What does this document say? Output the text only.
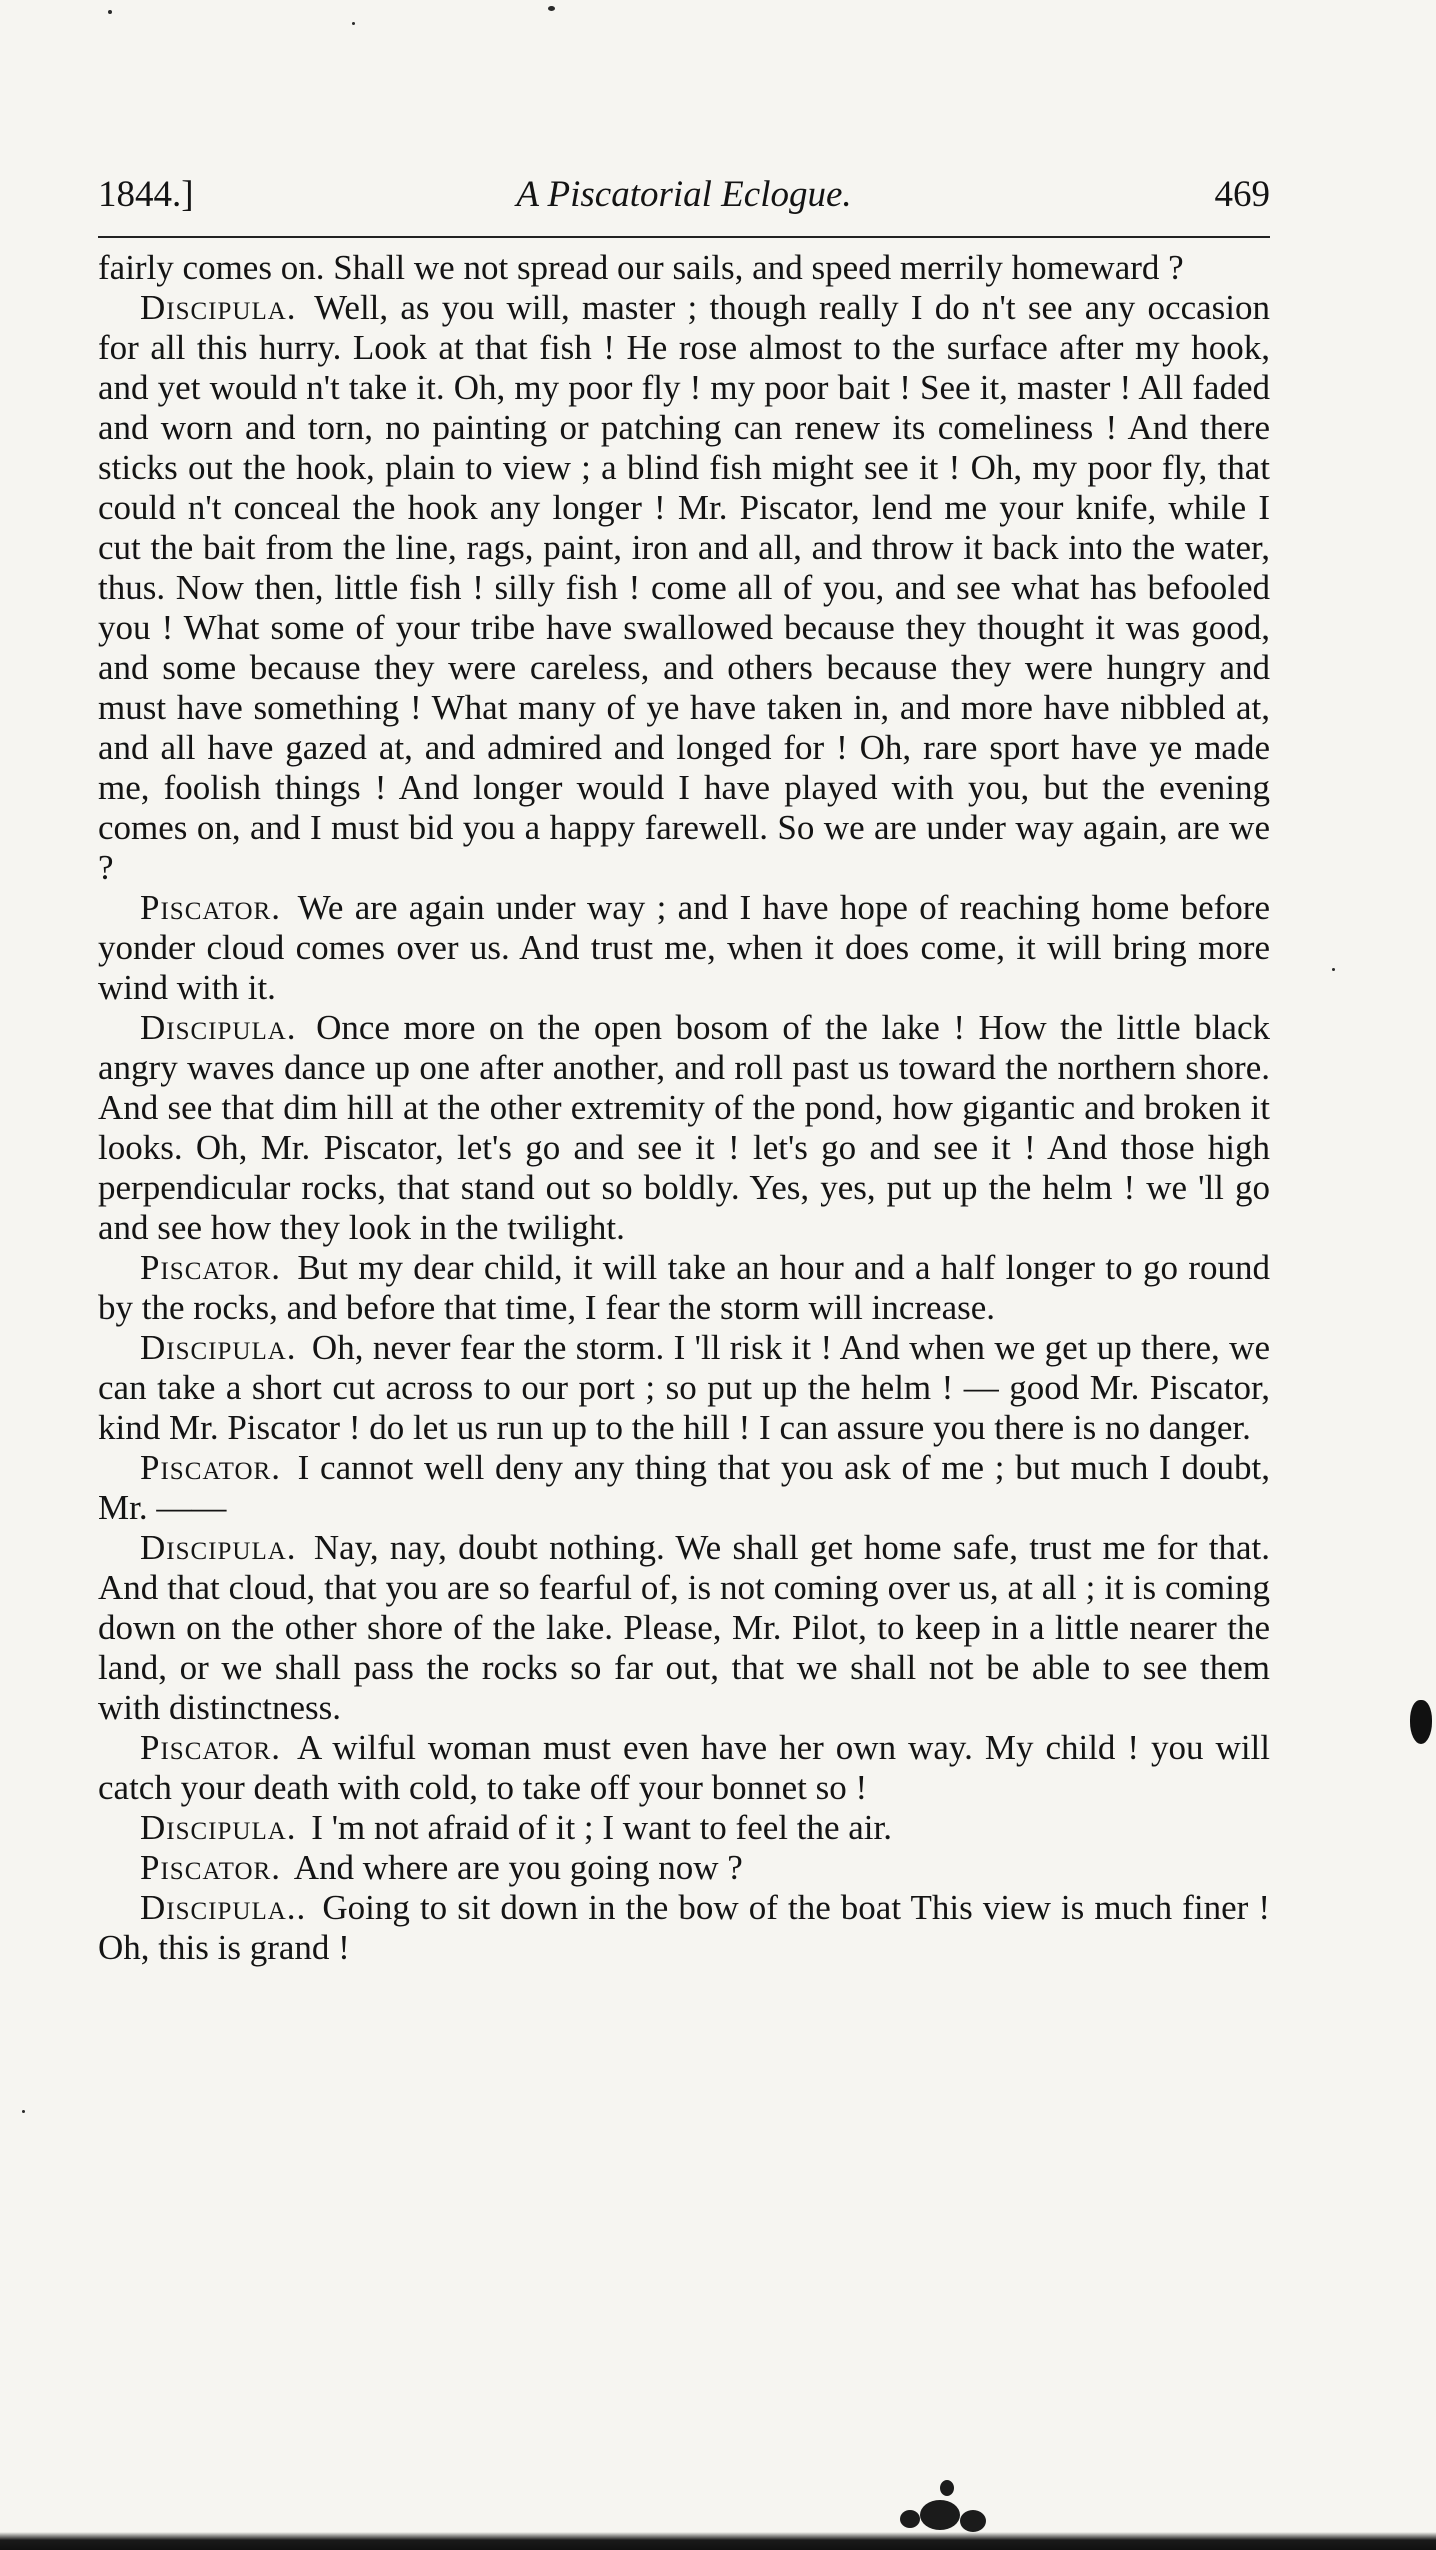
1844.]	A Piscatorial Eclogue.	469

fairly comes on. Shall we not spread our sails, and speed merrily homeward ?

Discipula. Well, as you will, master ; though really I do n't see any occasion for all this hurry. Look at that fish ! He rose almost to the surface after my hook, and yet would n't take it. Oh, my poor fly ! my poor bait ! See it, master ! All faded and worn and torn, no painting or patching can renew its comeliness ! And there sticks out the hook, plain to view ; a blind fish might see it ! Oh, my poor fly, that could n't conceal the hook any longer ! Mr. Piscator, lend me your knife, while I cut the bait from the line, rags, paint, iron and all, and throw it back into the water, thus. Now then, little fish ! silly fish ! come all of you, and see what has befooled you ! What some of your tribe have swallowed because they thought it was good, and some because they were careless, and others because they were hungry and must have something ! What many of ye have taken in, and more have nibbled at, and all have gazed at, and admired and longed for ! Oh, rare sport have ye made me, foolish things ! And longer would I have played with you, but the evening comes on, and I must bid you a happy farewell. So we are under way again, are we ?

Piscator. We are again under way ; and I have hope of reaching home before yonder cloud comes over us. And trust me, when it does come, it will bring more wind with it.

Discipula. Once more on the open bosom of the lake ! How the little black angry waves dance up one after another, and roll past us toward the northern shore. And see that dim hill at the other extremity of the pond, how gigantic and broken it looks. Oh, Mr. Piscator, let's go and see it ! let's go and see it ! And those high perpendicular rocks, that stand out so boldly. Yes, yes, put up the helm ! we 'll go and see how they look in the twilight.

Piscator. But my dear child, it will take an hour and a half longer to go round by the rocks, and before that time, I fear the storm will increase.

Discipula. Oh, never fear the storm. I 'll risk it ! And when we get up there, we can take a short cut across to our port ; so put up the helm ! — good Mr. Piscator, kind Mr. Piscator ! do let us run up to the hill ! I can assure you there is no danger.

Piscator. I cannot well deny any thing that you ask of me ; but much I doubt, Mr. ——

Discipula. Nay, nay, doubt nothing. We shall get home safe, trust me for that. And that cloud, that you are so fearful of, is not coming over us, at all ; it is coming down on the other shore of the lake. Please, Mr. Pilot, to keep in a little nearer the land, or we shall pass the rocks so far out, that we shall not be able to see them with distinctness.

Piscator. A wilful woman must even have her own way. My child ! you will catch your death with cold, to take off your bonnet so !

Discipula. I 'm not afraid of it ; I want to feel the air.

Piscator. And where are you going now ?

Discipula.. Going to sit down in the bow of the boat This view is much finer ! Oh, this is grand !
